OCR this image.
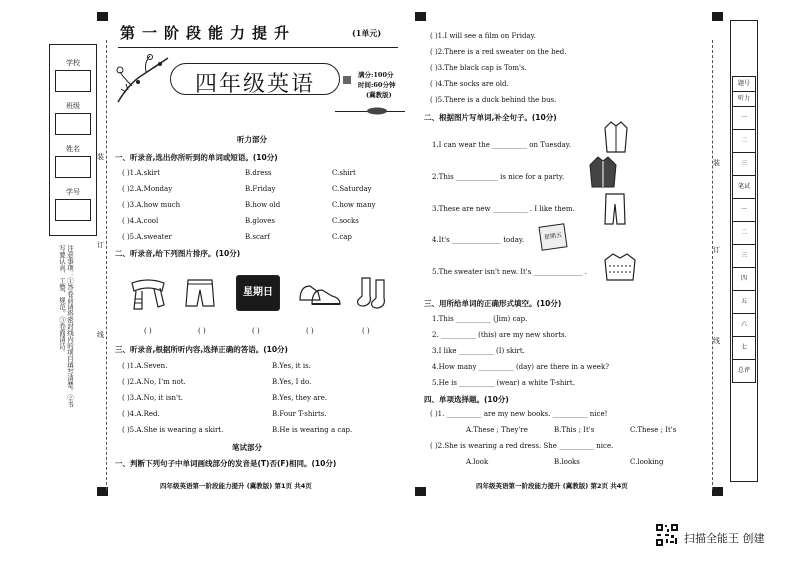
学校
班级
姓名
学号
注意事项：①答卷前请将密封线内的项目填写清楚。②书写要认真、工整、规范。③卷面清洁。
装
订
线
第一阶段能力提升	(1单元)
四年级英语	满分:100分
时间:60分钟
(冀教版)
听力部分
一、听录音,选出你所听到的单词或短语。(10分)
( )1.A.skirt	B.dress	C.shirt
( )2.A.Monday	B.Friday	C.Saturday
( )3.A.how much	B.how old	C.how many
( )4.A.cool	B.gloves	C.socks
( )5.A.sweater	B.scarf	C.cap
二、听录音,给下列图片排序。(10分)
星期日
( )	( )	( )	( )	( )
三、听录音,根据所听内容,选择正确的答语。(10分)
( )1.A.Seven.	B.Yes, it is.
( )2.A.No, I'm not.	B.Yes, I do.
( )3.A.No, it isn't.	B.Yes, they are.
( )4.A.Red.	B.Four T-shirts.
( )5.A.She is wearing a skirt.	B.He is wearing a cap.
笔试部分
一、判断下列句子中单词画线部分的发音是(T)否(F)相同。(10分)
四年级英语第一阶段能力提升 (冀教版) 第1页 共4页
( )1.I will see a film on Friday.
( )2.There is a red sweater on the bed.
( )3.The black cap is Tom's.
( )4.The socks are old.
( )5.There is a duck behind the bus.
二、根据图片写单词,补全句子。(10分)
1.I can wear the __________ on Tuesday.
2.This ____________ is nice for a party.
3.These are new __________ . I like them.
4.It's ______________ today.
5.The sweater isn't new. It's ______________ .
星期五
三、用所给单词的正确形式填空。(10分)
1.This __________ (Jim) cap.
2. __________ (this) are my new shorts.
3.I like __________ (I) skirt.
4.How many __________ (day) are there in a week?
5.He is __________ (wear) a white T-shirt.
四、单项选择题。(10分)
( )1. __________ are my new books. __________ nice!
A.These ; They're	B.This ; It's	C.These ; It's
( )2.She is wearing a red dress. She __________ nice.
A.look	B.looks	C.looking
四年级英语第一阶段能力提升 (冀教版) 第2页 共4页
装
订
线
题号
听力
一
二
三
笔试
一
二
三
四
五
六
七
总评
扫描全能王 创建
